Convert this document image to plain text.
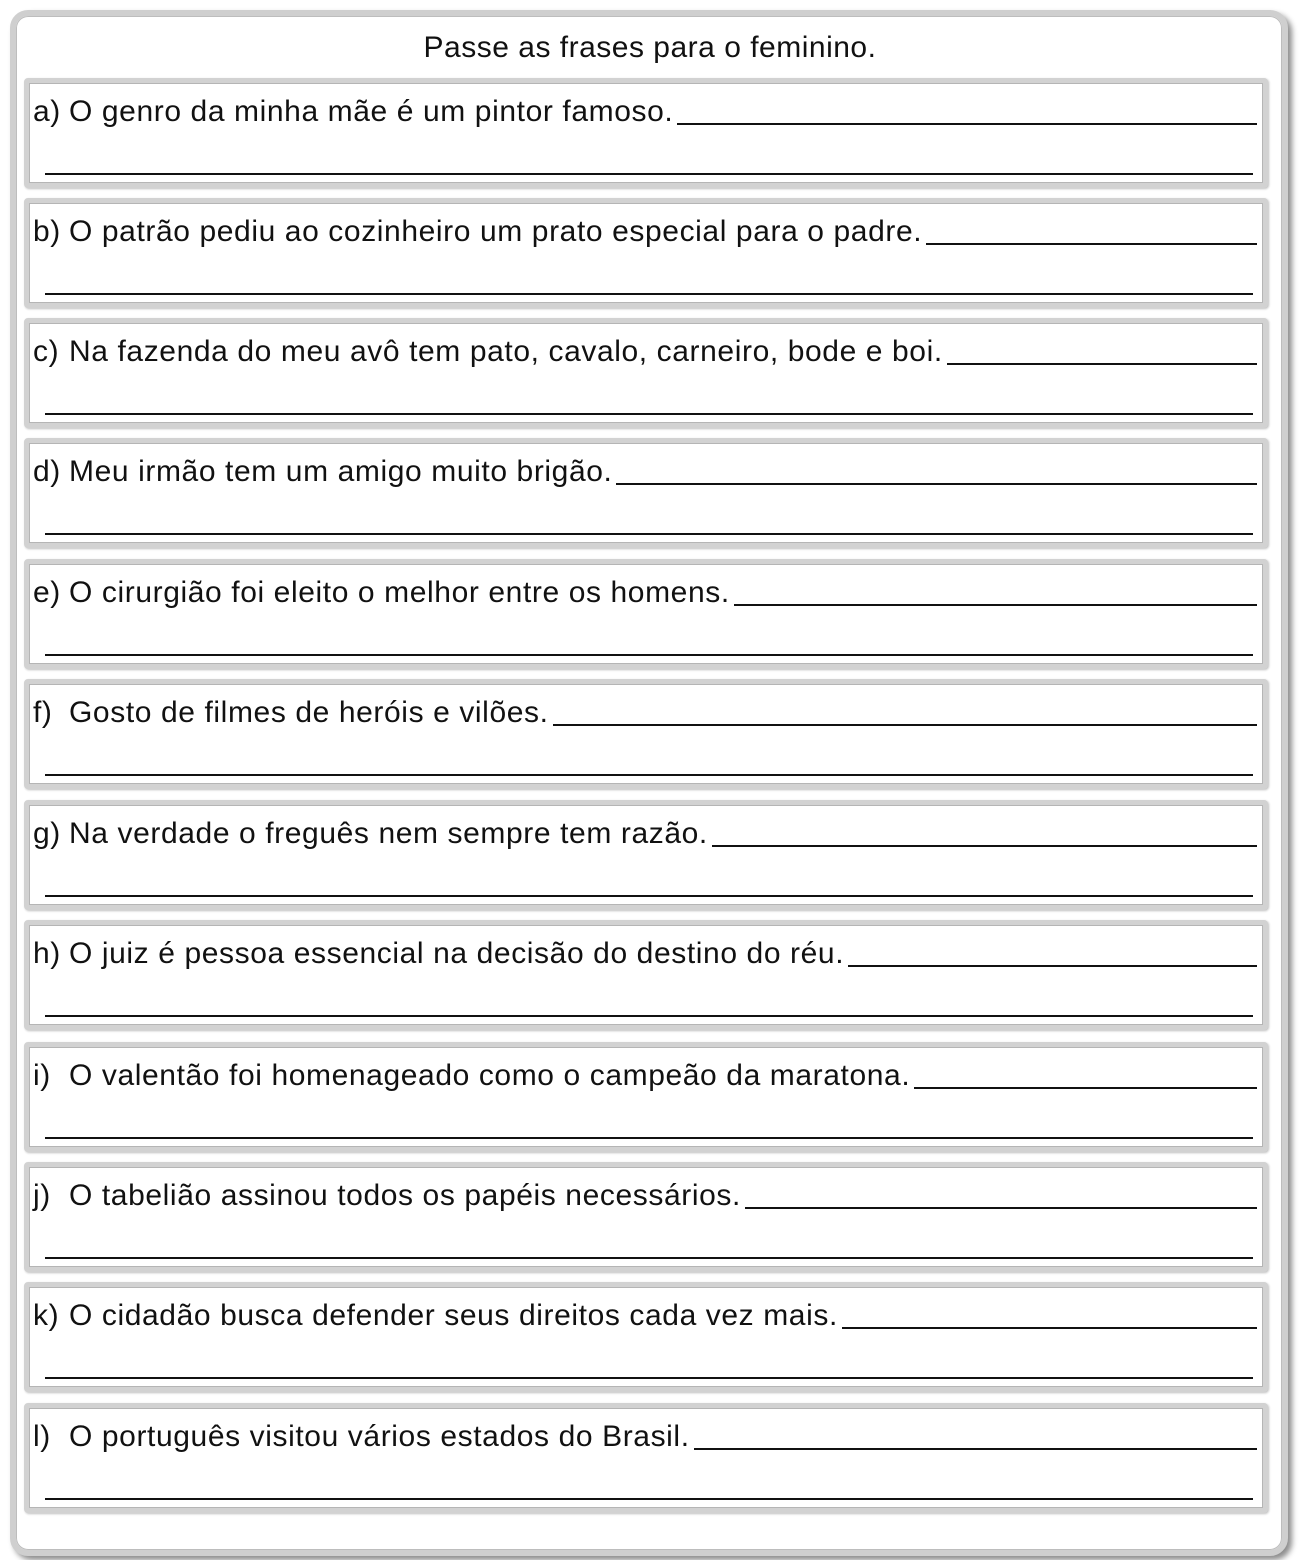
Passe as frases para o feminino.
a) O genro da minha mãe é um pintor famoso.
b) O patrão pediu ao cozinheiro um prato especial para o padre.
c) Na fazenda do meu avô tem pato, cavalo, carneiro, bode e boi.
d) Meu irmão tem um amigo muito brigão.
e) O cirurgião foi eleito o melhor entre os homens.
f) Gosto de filmes de heróis e vilões.
g) Na verdade o freguês nem sempre tem razão.
h) O juiz é pessoa essencial na decisão do destino do réu.
i) O valentão foi homenageado como o campeão da maratona.
j) O tabelião assinou todos os papéis necessários.
k) O cidadão busca defender seus direitos cada vez mais.
l) O português visitou vários estados do Brasil.
